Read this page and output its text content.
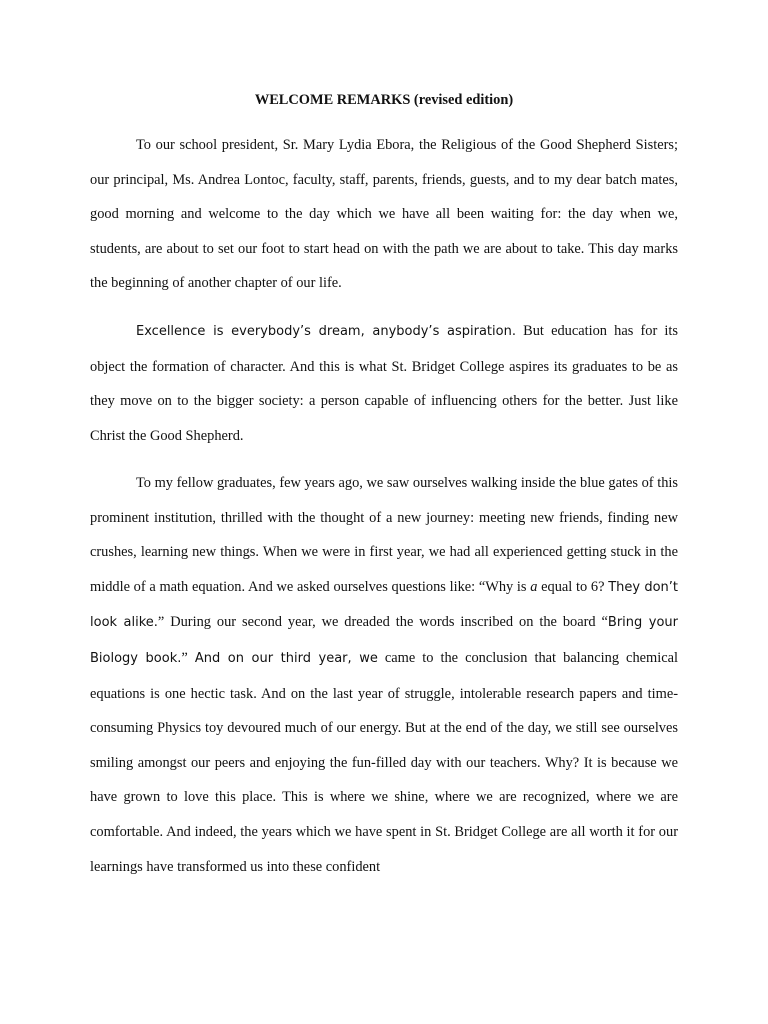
WELCOME REMARKS (revised edition)

To our school president, Sr. Mary Lydia Ebora, the Religious of the Good Shepherd Sisters; our principal, Ms. Andrea Lontoc, faculty, staff, parents, friends, guests, and to my dear batch mates, good morning and welcome to the day which we have all been waiting for: the day when we, students, are about to set our foot to start head on with the path we are about to take. This day marks the beginning of another chapter of our life.

Excellence is everybody’s dream, anybody’s aspiration. But education has for its object the formation of character. And this is what St. Bridget College aspires its graduates to be as they move on to the bigger society: a person capable of influencing others for the better. Just like Christ the Good Shepherd.

To my fellow graduates, few years ago, we saw ourselves walking inside the blue gates of this prominent institution, thrilled with the thought of a new journey: meeting new friends, finding new crushes, learning new things. When we were in first year, we had all experienced getting stuck in the middle of a math equation. And we asked ourselves questions like: “Why is a equal to 6? They don’t look alike.” During our second year, we dreaded the words inscribed on the board “Bring your Biology book.” And on our third year, we came to the conclusion that balancing chemical equations is one hectic task. And on the last year of struggle, intolerable research papers and time-consuming Physics toy devoured much of our energy. But at the end of the day, we still see ourselves smiling amongst our peers and enjoying the fun-filled day with our teachers. Why? It is because we have grown to love this place. This is where we shine, where we are recognized, where we are comfortable. And indeed, the years which we have spent in St. Bridget College are all worth it for our learnings have transformed us into these confident
